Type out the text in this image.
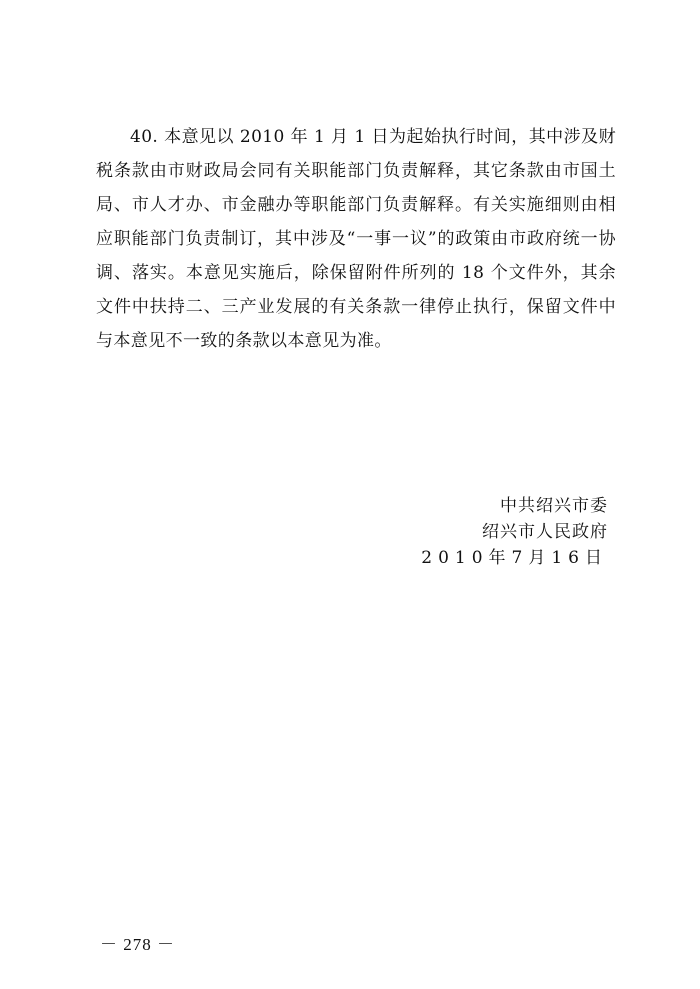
40. 本意见以 2010 年 1 月 1 日为起始执行时间，其中涉及财税条款由市财政局会同有关职能部门负责解释，其它条款由市国土局、市人才办、市金融办等职能部门负责解释。有关实施细则由相应职能部门负责制订，其中涉及“一事一议”的政策由市政府统一协调、落实。本意见实施后，除保留附件所列的 18 个文件外，其余文件中扶持二、三产业发展的有关条款一律停止执行，保留文件中与本意见不一致的条款以本意见为准。

中共绍兴市委
绍兴市人民政府
2010年7月16日
－ 278 －
